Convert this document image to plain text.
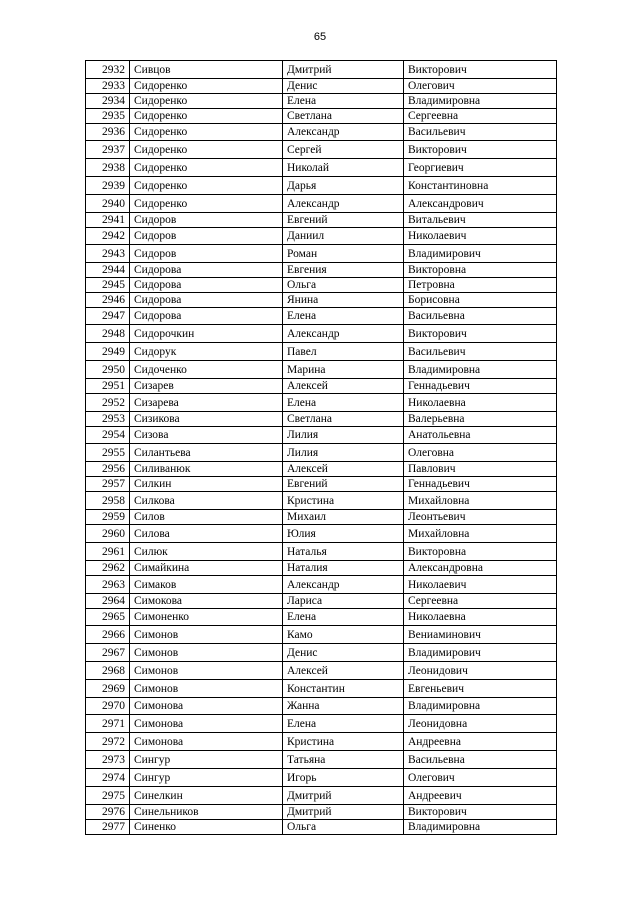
65
2932	Сивцов	Дмитрий	Викторович
2933	Сидоренко	Денис	Олегович
2934	Сидоренко	Елена	Владимировна
2935	Сидоренко	Светлана	Сергеевна
2936	Сидоренко	Александр	Васильевич
2937	Сидоренко	Сергей	Викторович
2938	Сидоренко	Николай	Георгиевич
2939	Сидоренко	Дарья	Константиновна
2940	Сидоренко	Александр	Александрович
2941	Сидоров	Евгений	Витальевич
2942	Сидоров	Даниил	Николаевич
2943	Сидоров	Роман	Владимирович
2944	Сидорова	Евгения	Викторовна
2945	Сидорова	Ольга	Петровна
2946	Сидорова	Янина	Борисовна
2947	Сидорова	Елена	Васильевна
2948	Сидорочкин	Александр	Викторович
2949	Сидорук	Павел	Васильевич
2950	Сидоченко	Марина	Владимировна
2951	Сизарев	Алексей	Геннадьевич
2952	Сизарева	Елена	Николаевна
2953	Сизикова	Светлана	Валерьевна
2954	Сизова	Лилия	Анатольевна
2955	Силантьева	Лилия	Олеговна
2956	Силиванюк	Алексей	Павлович
2957	Силкин	Евгений	Геннадьевич
2958	Силкова	Кристина	Михайловна
2959	Силов	Михаил	Леонтьевич
2960	Силова	Юлия	Михайловна
2961	Силюк	Наталья	Викторовна
2962	Симайкина	Наталия	Александровна
2963	Симаков	Александр	Николаевич
2964	Симокова	Лариса	Сергеевна
2965	Симоненко	Елена	Николаевна
2966	Симонов	Камо	Вениаминович
2967	Симонов	Денис	Владимирович
2968	Симонов	Алексей	Леонидович
2969	Симонов	Константин	Евгеньевич
2970	Симонова	Жанна	Владимировна
2971	Симонова	Елена	Леонидовна
2972	Симонова	Кристина	Андреевна
2973	Сингур	Татьяна	Васильевна
2974	Сингур	Игорь	Олегович
2975	Синелкин	Дмитрий	Андреевич
2976	Синельников	Дмитрий	Викторович
2977	Синенко	Ольга	Владимировна
